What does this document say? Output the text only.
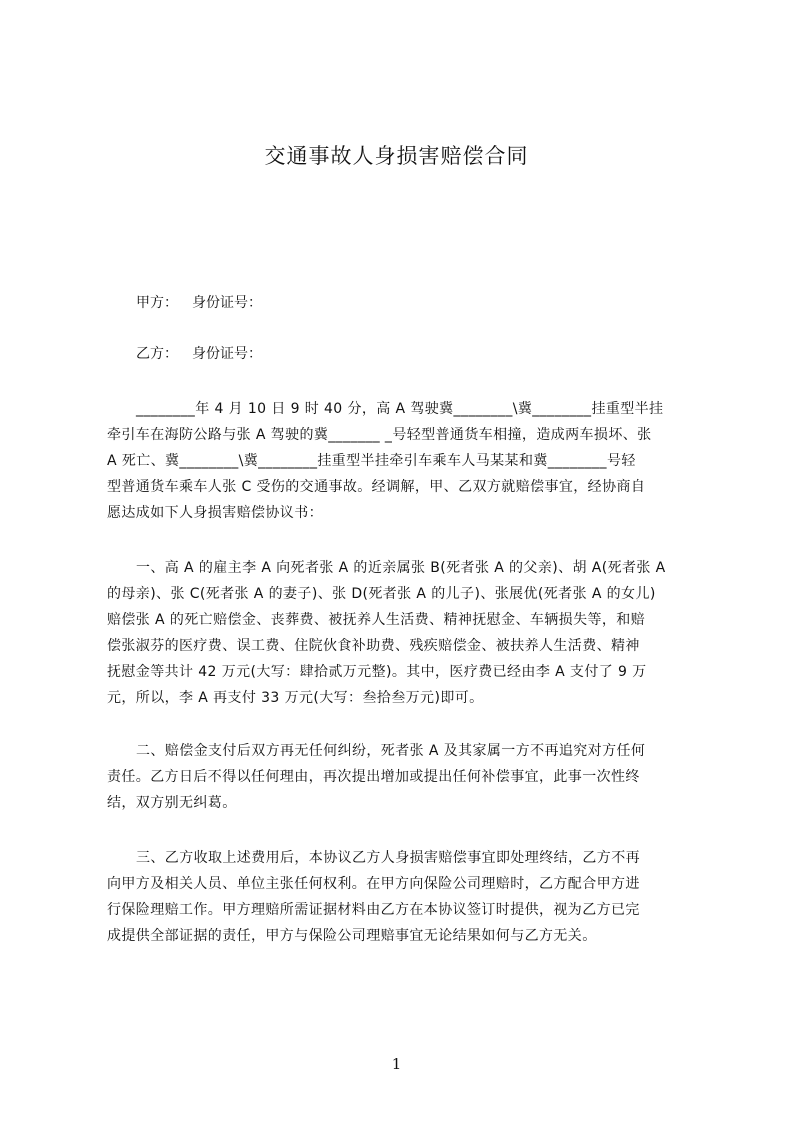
交通事故人身损害赔偿合同
甲方： 身份证号：
乙方： 身份证号：
________年 4 月 10 日 9 时 40 分，高 A 驾驶冀________\冀________挂重型半挂
牵引车在海防公路与张 A 驾驶的冀_______ _号轻型普通货车相撞，造成两车损坏、张
A 死亡、冀________\冀________挂重型半挂牵引车乘车人马某某和冀________号轻
型普通货车乘车人张 C 受伤的交通事故。经调解，甲、乙双方就赔偿事宜，经协商自
愿达成如下人身损害赔偿协议书：
一、高 A 的雇主李 A 向死者张 A 的近亲属张 B(死者张 A 的父亲)、胡 A(死者张 A
的母亲)、张 C(死者张 A 的妻子)、张 D(死者张 A 的儿子)、张展优(死者张 A 的女儿)
赔偿张 A 的死亡赔偿金、丧葬费、被抚养人生活费、精神抚慰金、车辆损失等，和赔
偿张淑芬的医疗费、误工费、住院伙食补助费、残疾赔偿金、被扶养人生活费、精神
抚慰金等共计 42 万元(大写：肆拾贰万元整)。其中，医疗费已经由李 A 支付了 9 万
元，所以，李 A 再支付 33 万元(大写：叁拾叁万元)即可。
二、赔偿金支付后双方再无任何纠纷，死者张 A 及其家属一方不再追究对方任何
责任。乙方日后不得以任何理由，再次提出增加或提出任何补偿事宜，此事一次性终
结，双方别无纠葛。
三、乙方收取上述费用后，本协议乙方人身损害赔偿事宜即处理终结，乙方不再
向甲方及相关人员、单位主张任何权利。在甲方向保险公司理赔时，乙方配合甲方进
行保险理赔工作。甲方理赔所需证据材料由乙方在本协议签订时提供，视为乙方已完
成提供全部证据的责任，甲方与保险公司理赔事宜无论结果如何与乙方无关。
1
